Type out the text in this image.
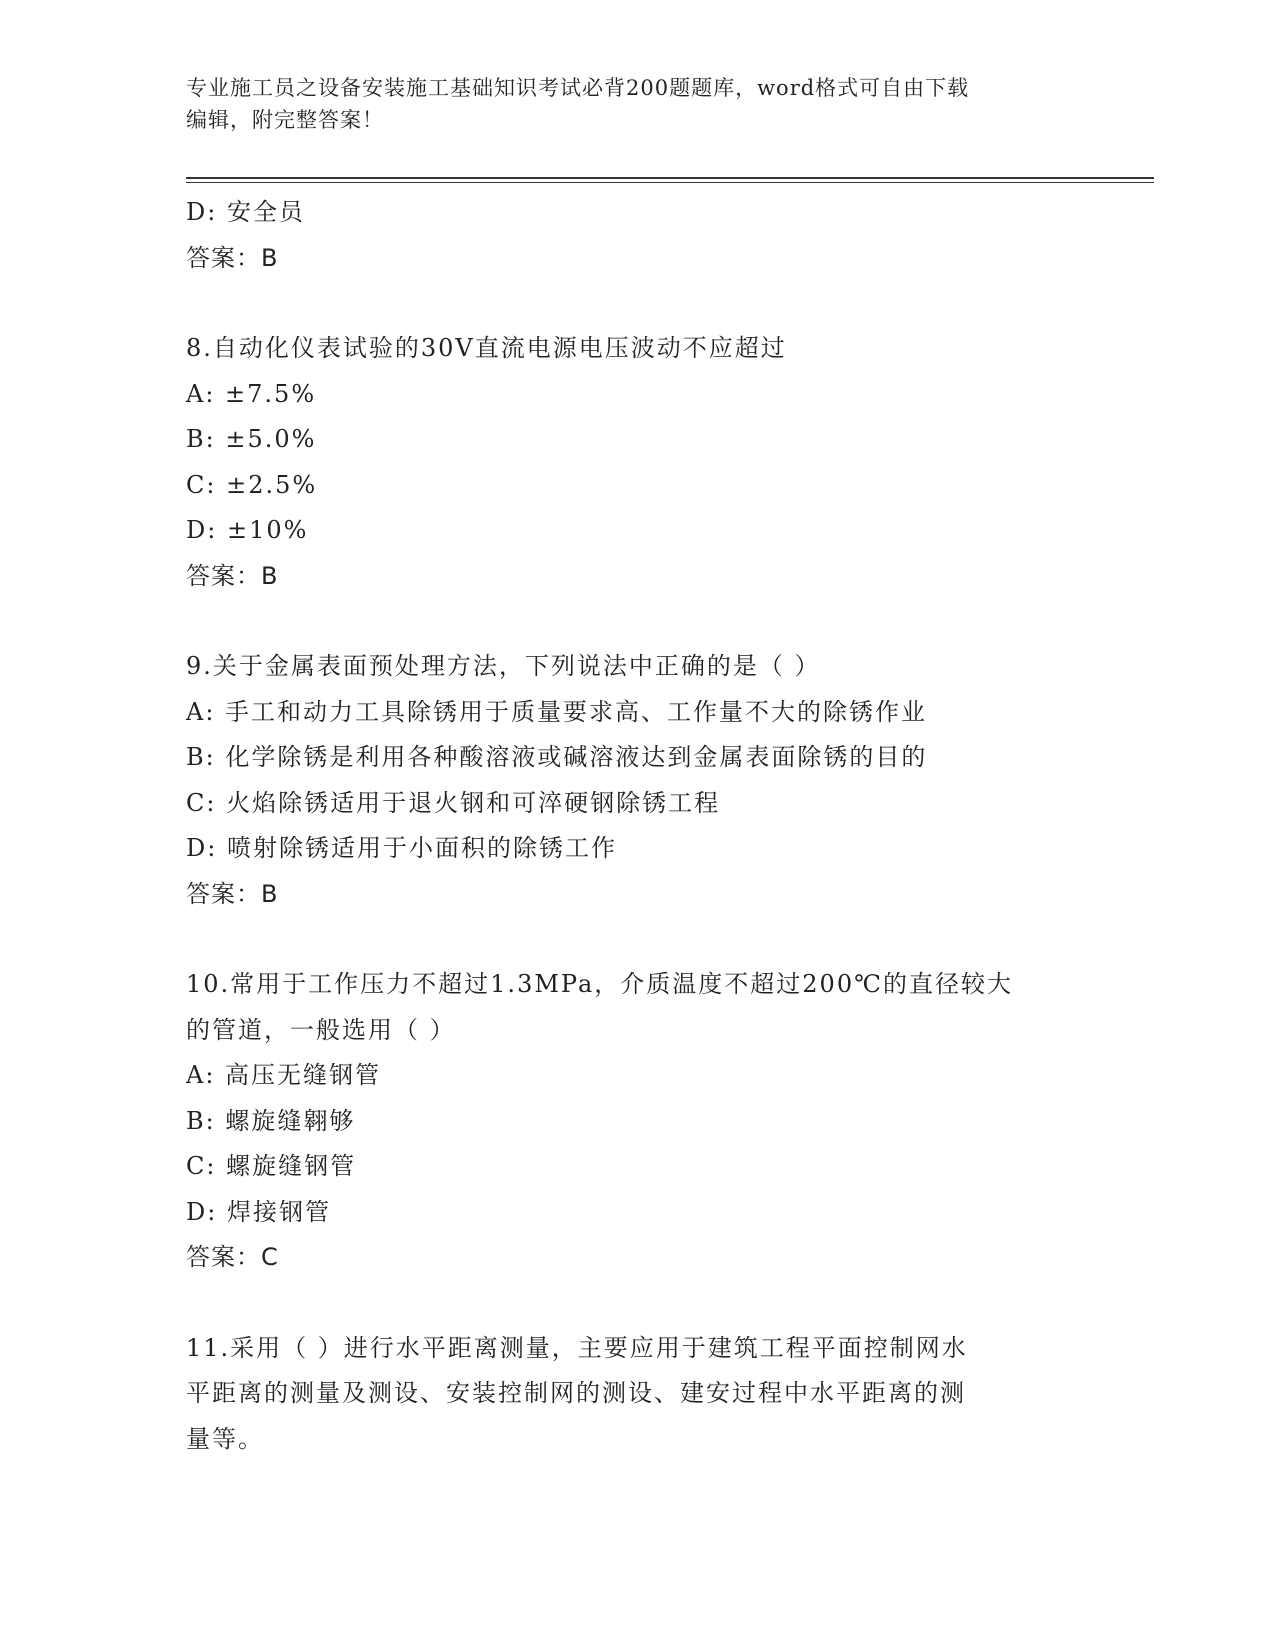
专业施工员之设备安装施工基础知识考试必背200题题库，word格式可自由下载
编辑，附完整答案！
D: 安全员
答案：B
8.自动化仪表试验的30V直流电源电压波动不应超过
A: ±7.5%
B: ±5.0%
C: ±2.5%
D: ±10%
答案：B
9.关于金属表面预处理方法，下列说法中正确的是（ ）
A: 手工和动力工具除锈用于质量要求高、工作量不大的除锈作业
B: 化学除锈是利用各种酸溶液或碱溶液达到金属表面除锈的目的
C: 火焰除锈适用于退火钢和可淬硬钢除锈工程
D: 喷射除锈适用于小面积的除锈工作
答案：B
10.常用于工作压力不超过1.3MPa，介质温度不超过200℃的直径较大
的管道，一般选用（ ）
A: 高压无缝钢管
B: 螺旋缝翱够
C: 螺旋缝钢管
D: 焊接钢管
答案：C
11.采用（ ）进行水平距离测量，主要应用于建筑工程平面控制网水
平距离的测量及测设、安装控制网的测设、建安过程中水平距离的测
量等。
